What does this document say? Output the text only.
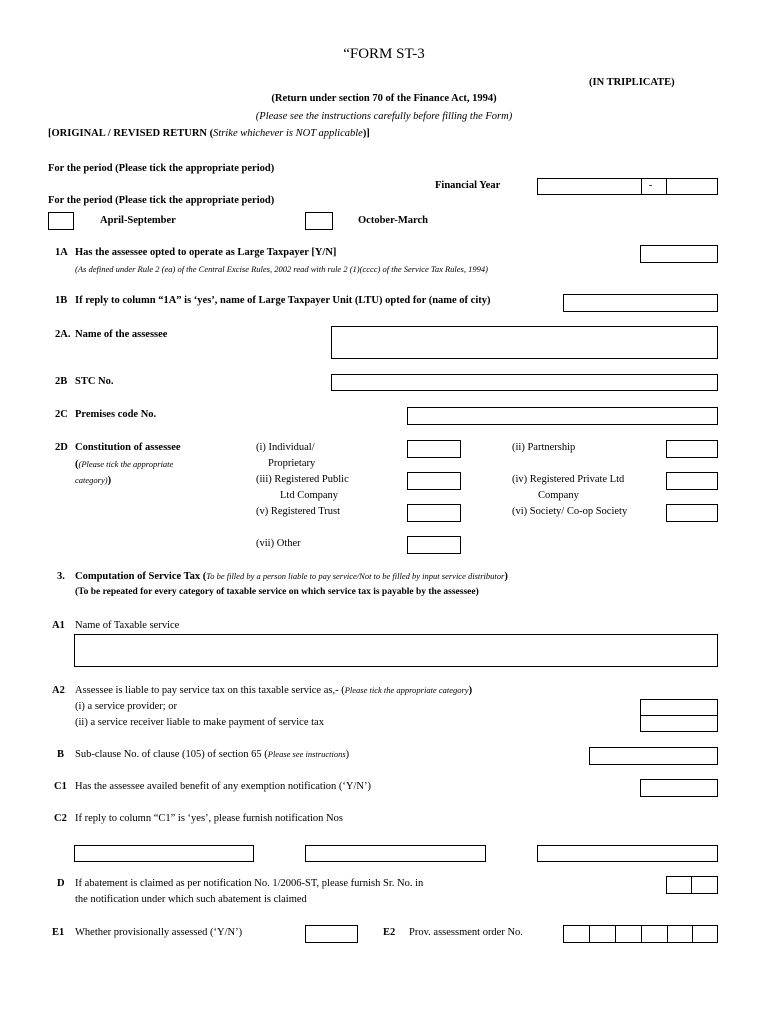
“FORM ST-3
(IN TRIPLICATE)
(Return under section 70 of the Finance Act, 1994)
(Please see the instructions carefully before filling the Form)
[ORIGINAL / REVISED RETURN (Strike whichever is NOT applicable)]
For the period (Please tick the appropriate period)
Financial Year	-
For the period (Please tick the appropriate period)
April-September	October-March
1A Has the assessee opted to operate as Large Taxpayer [Y/N]
(As defined under Rule 2 (ea) of the Central Excise Rules, 2002 read with rule 2 (1)(cccc) of the Service Tax Rules, 1994)
1B If reply to column “1A” is ‘yes’, name of Large Taxpayer Unit (LTU) opted for (name of city)
2A. Name of the assessee
2B STC No.
2C Premises code No.
2D Constitution of assessee
((Please tick the appropriate
category))
(i) Individual/
Proprietary
(ii) Partnership
(iii) Registered Public
Ltd Company
(iv) Registered Private Ltd
Company
(v) Registered Trust	(vi) Society/ Co-op Society
(vii) Other
3. Computation of Service Tax (To be filled by a person liable to pay service/Not to be filled by input service distributor)
(To be repeated for every category of taxable service on which service tax is payable by the assessee)
A1 Name of Taxable service
A2 Assessee is liable to pay service tax on this taxable service as,- (Please tick the appropriate category)
(i) a service provider; or
(ii) a service receiver liable to make payment of service tax
B Sub-clause No. of clause (105) of section 65 (Please see instructions)
C1 Has the assessee availed benefit of any exemption notification (‘Y/N’)
C2 If reply to column “C1” is ‘yes’, please furnish notification Nos
D If abatement is claimed as per notification No. 1/2006-ST, please furnish Sr. No. in
the notification under which such abatement is claimed
E1 Whether provisionally assessed (‘Y/N’)	E2 Prov. assessment order No.
